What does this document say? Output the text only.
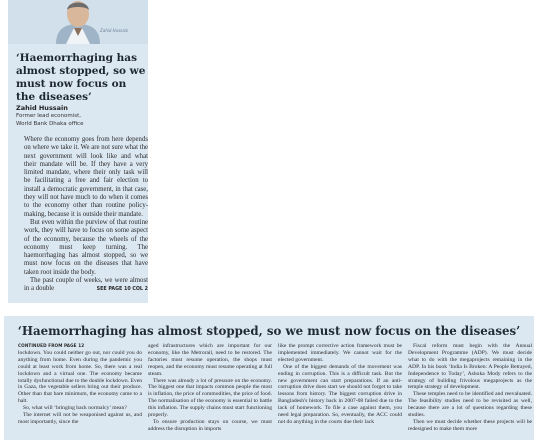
Zahid Hussain
‘Haemorrhaging has almost stopped, so we must now focus on the diseases’
Zahid Hussain
Former lead economist,
World Bank Dhaka office

Where the economy goes from here depends on where we take it. We are not sure what the next government will look like and what their mandate will be. If they have a very limited mandate, where their only task will be facilitating a free and fair election to install a democratic government, in that case, they will not have much to do when it comes to the economy other than routine policy-making, because it is outside their mandate.

But even within the purview of that routine work, they will have to focus on some aspect of the economy, because the wheels of the economy must keep turning. The haemorrhaging has almost stopped, so we must now focus on the diseases that have taken root inside the body.

The past couple of weeks, we were almost in a double	SEE PAGE 10 COL 2

‘Haemorrhaging has almost stopped, so we must now focus on the diseases’

CONTINUED FROM PAGE 12
lockdown. You could neither go out, nor could you do anything from home. Even during the pandemic you could at least work from home. So, there was a real lockdown and a virtual one. The economy became totally dysfunctional due to the double lockdown. Even in Gaza, the vegetable sellers bring out their produce. Other than that bare minimum, the economy came to a halt.

So, what will ‘bringing back normalcy’ mean?

The internet will not be weaponised against us, and most importantly, since the

aged infrastructures which are important for our economy, like the Metrorail, need to be restored. The factories must resume operation, the shops must reopen, and the economy must resume operating at full steam.

There was already a lot of pressure on the economy. The biggest one that impacts common people the most is inflation, the price of commodities, the price of food. The normalisation of the economy is essential to battle this inflation. The supply chains must start functioning properly.

To ensure production stays on course, we must address the disruption in imports

like the prompt corrective action framework must be implemented immediately. We cannot wait for the elected government.

One of the biggest demands of the movement was ending in corruption. This is a difficult task. But the new government can start preparations. If an anti-corruption drive does start we should not forget to take lessons from history. The biggest corruption drive in Bangladesh's history back in 2007-08 failed due to the lack of homework. To file a case against them, you need legal preparation. So, eventually, the ACC could not do anything in the courts due their lack

Fiscal reform must begin with the Annual Development Programme (ADP). We must decide what to do with the megaprojects remaining in the ADP. In his book ‘India Is Broken: A People Betrayed, Independence to Today’, Ashoka Mody refers to the strategy of building frivolous megaprojects as the temple strategy of development.

These temples need to be identified and reevaluated. The feasibility studies need to be revisited as well, because there are a lot of questions regarding these studies.

Then we must decide whether these projects will be redesigned to make them more
